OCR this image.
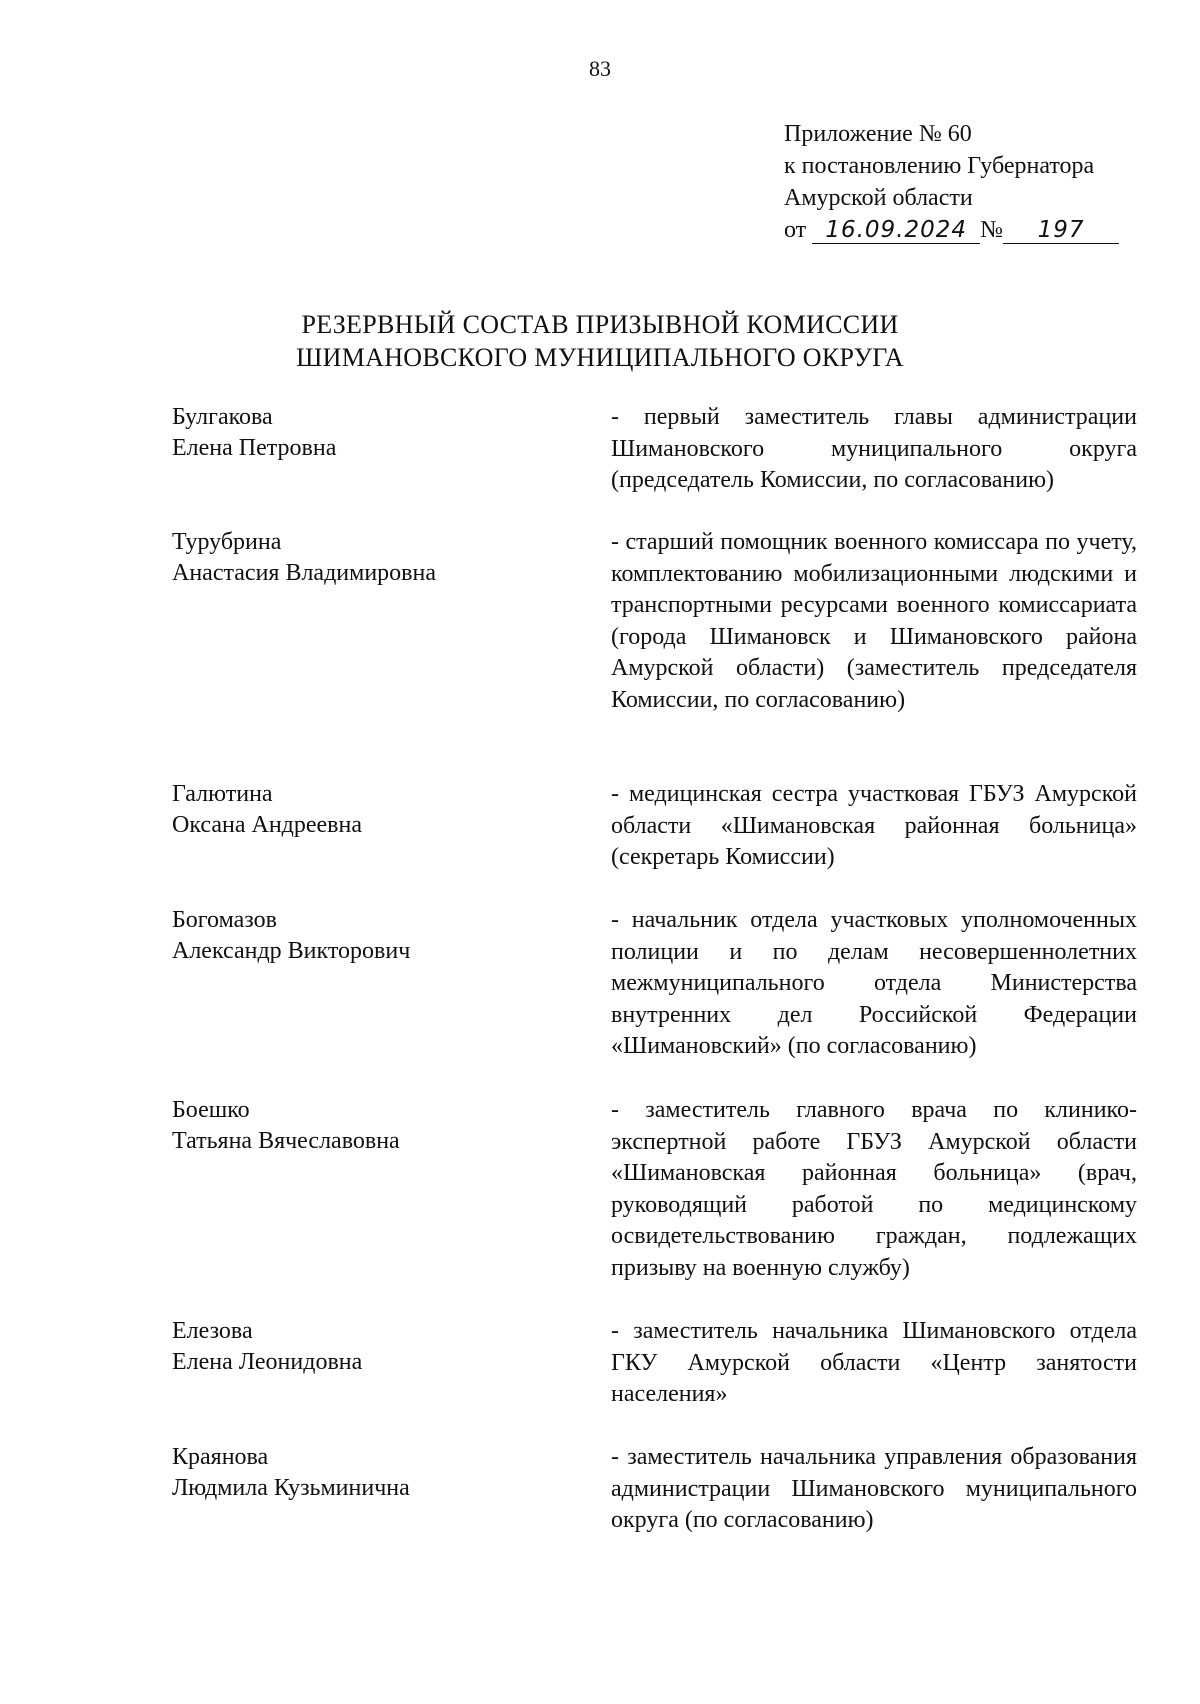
83
Приложение № 60
к постановлению Губернатора
Амурской области
от 16.09.2024 № 197
РЕЗЕРВНЫЙ СОСТАВ ПРИЗЫВНОЙ КОМИССИИ
ШИМАНОВСКОГО МУНИЦИПАЛЬНОГО ОКРУГА
Булгакова
Елена Петровна
- первый заместитель главы администрации Шимановского муниципального округа (председатель Комиссии, по согласованию)
Турубрина
Анастасия Владимировна
- старший помощник военного комиссара по учету, комплектованию мобилизационными людскими и транспортными ресурсами военного комиссариата (города Шимановск и Шимановского района Амурской области) (заместитель председателя Комиссии, по согласованию)
Галютина
Оксана Андреевна
- медицинская сестра участковая ГБУЗ Амурской области «Шимановская районная больница» (секретарь Комиссии)
Богомазов
Александр Викторович
- начальник отдела участковых уполномоченных полиции и по делам несовершеннолетних межмуниципального отдела Министерства внутренних дел Российской Федерации «Шимановский» (по согласованию)
Боешко
Татьяна Вячеславовна
- заместитель главного врача по клинико-экспертной работе ГБУЗ Амурской области «Шимановская районная больница» (врач, руководящий работой по медицинскому освидетельствованию граждан, подлежащих призыву на военную службу)
Елезова
Елена Леонидовна
- заместитель начальника Шимановского отдела ГКУ Амурской области «Центр занятости населения»
Краянова
Людмила Кузьминична
- заместитель начальника управления образования администрации Шимановского муниципального округа (по согласованию)
